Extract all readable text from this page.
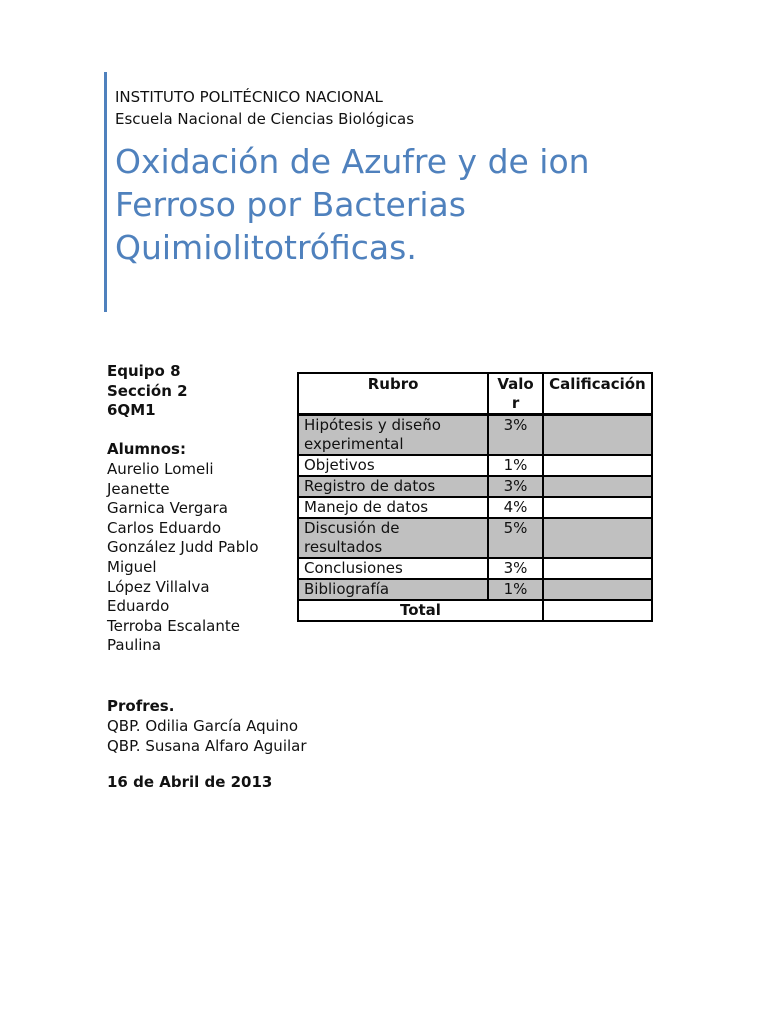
INSTITUTO POLITÉCNICO NACIONAL
Escuela Nacional de Ciencias Biológicas
Oxidación de Azufre y de ion
Ferroso por Bacterias
Quimiolitotróficas.
Equipo 8
Sección 2
6QM1
Alumnos:
Aurelio Lomeli
Jeanette
Garnica Vergara
Carlos Eduardo
González Judd Pablo
Miguel
López Villalva
Eduardo
Terroba Escalante
Paulina
Rubro	Valor	Calificación
Hipótesis y diseño experimental	3%	
Objetivos	1%	
Registro de datos	3%	
Manejo de datos	4%	
Discusión de resultados	5%	
Conclusiones	3%	
Bibliografía	1%	
Total		
Profres.
QBP. Odilia García Aquino
QBP. Susana Alfaro Aguilar
16 de Abril de 2013
